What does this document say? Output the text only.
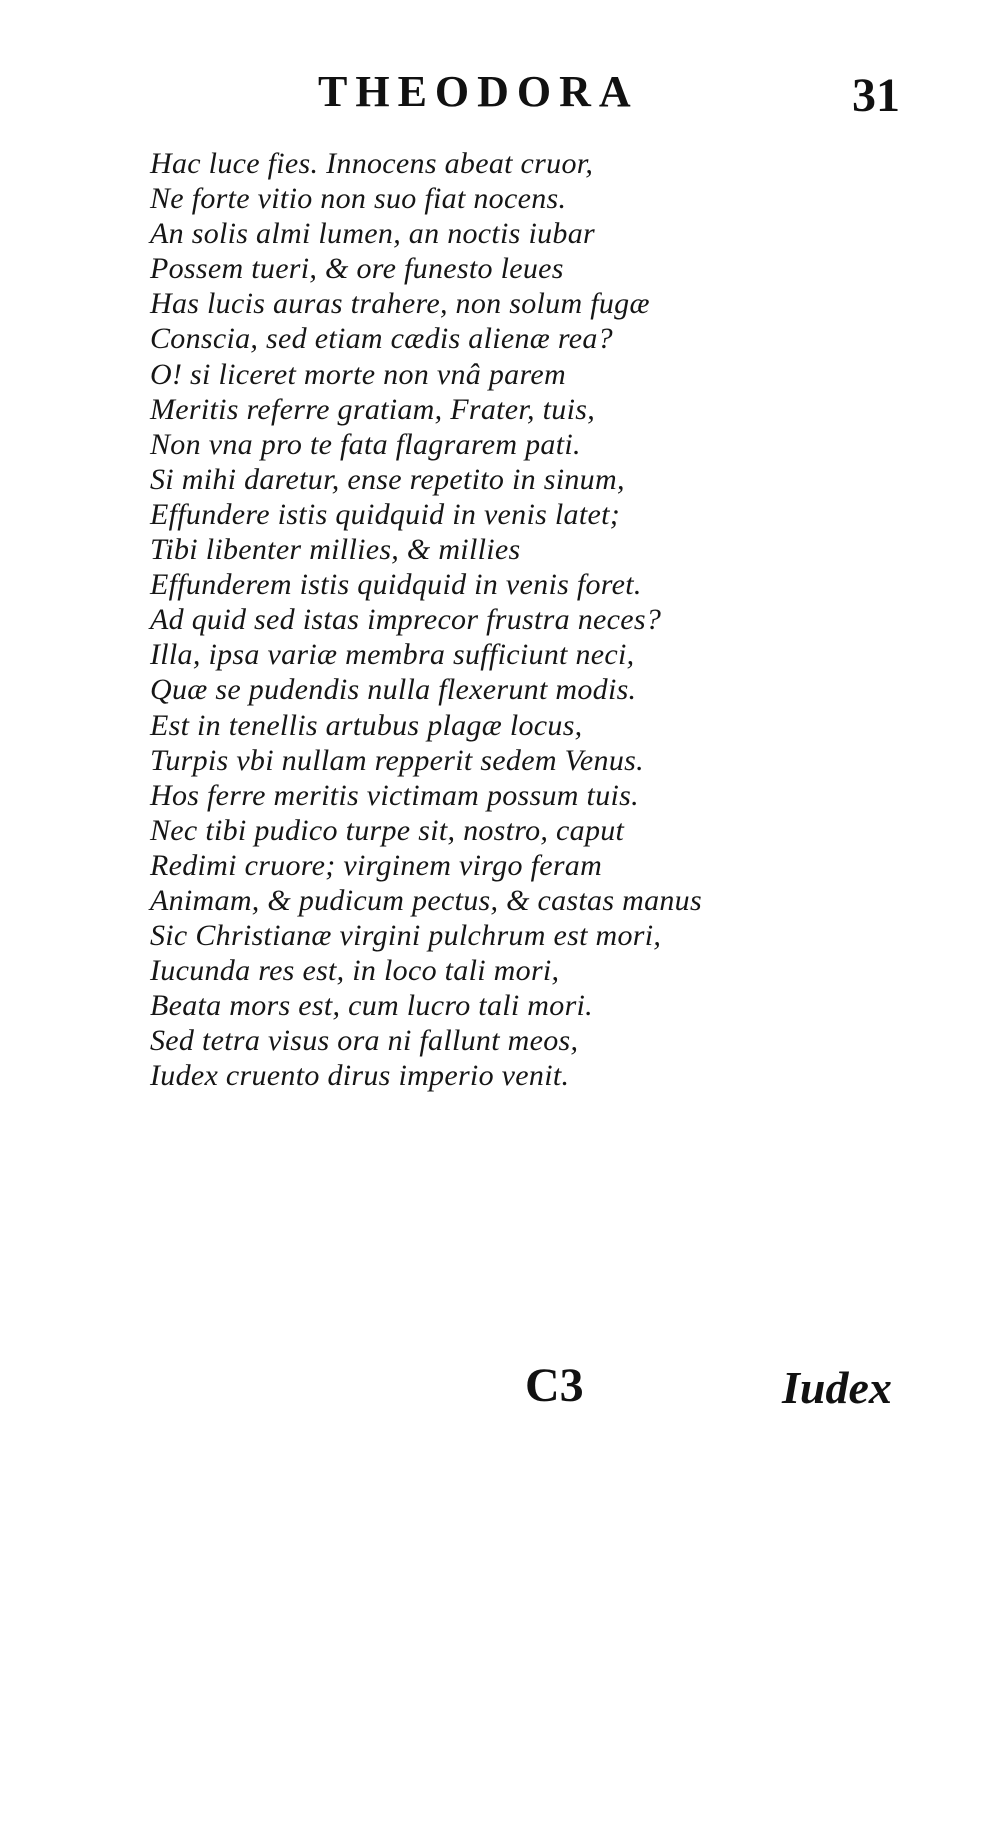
THEODORA	31
Hac luce fies. Innocens abeat cruor,
Ne forte vitio non suo fiat nocens.
An solis almi lumen, an noctis iubar
Possem tueri, & ore funesto leues
Has lucis auras trahere, non solum fugæ
Conscia, sed etiam cædis alienæ rea?
O! si liceret morte non vnâ parem
Meritis referre gratiam, Frater, tuis,
Non vna pro te fata flagrarem pati.
Si mihi daretur, ense repetito in sinum,
Effundere istis quidquid in venis latet;
Tibi libenter millies, & millies
Effunderem istis quidquid in venis foret.
Ad quid sed istas imprecor frustra neces?
Illa, ipsa variæ membra sufficiunt neci,
Quæ se pudendis nulla flexerunt modis.
Est in tenellis artubus plagæ locus,
Turpis vbi nullam repperit sedem Venus.
Hos ferre meritis victimam possum tuis.
Nec tibi pudico turpe sit, nostro, caput
Redimi cruore; virginem virgo feram
Animam, & pudicum pectus, & castas manus
Sic Christianæ virgini pulchrum est mori,
Iucunda res est, in loco tali mori,
Beata mors est, cum lucro tali mori.
Sed tetra visus ora ni fallunt meos,
Iudex cruento dirus imperio venit.
C3	Iudex
